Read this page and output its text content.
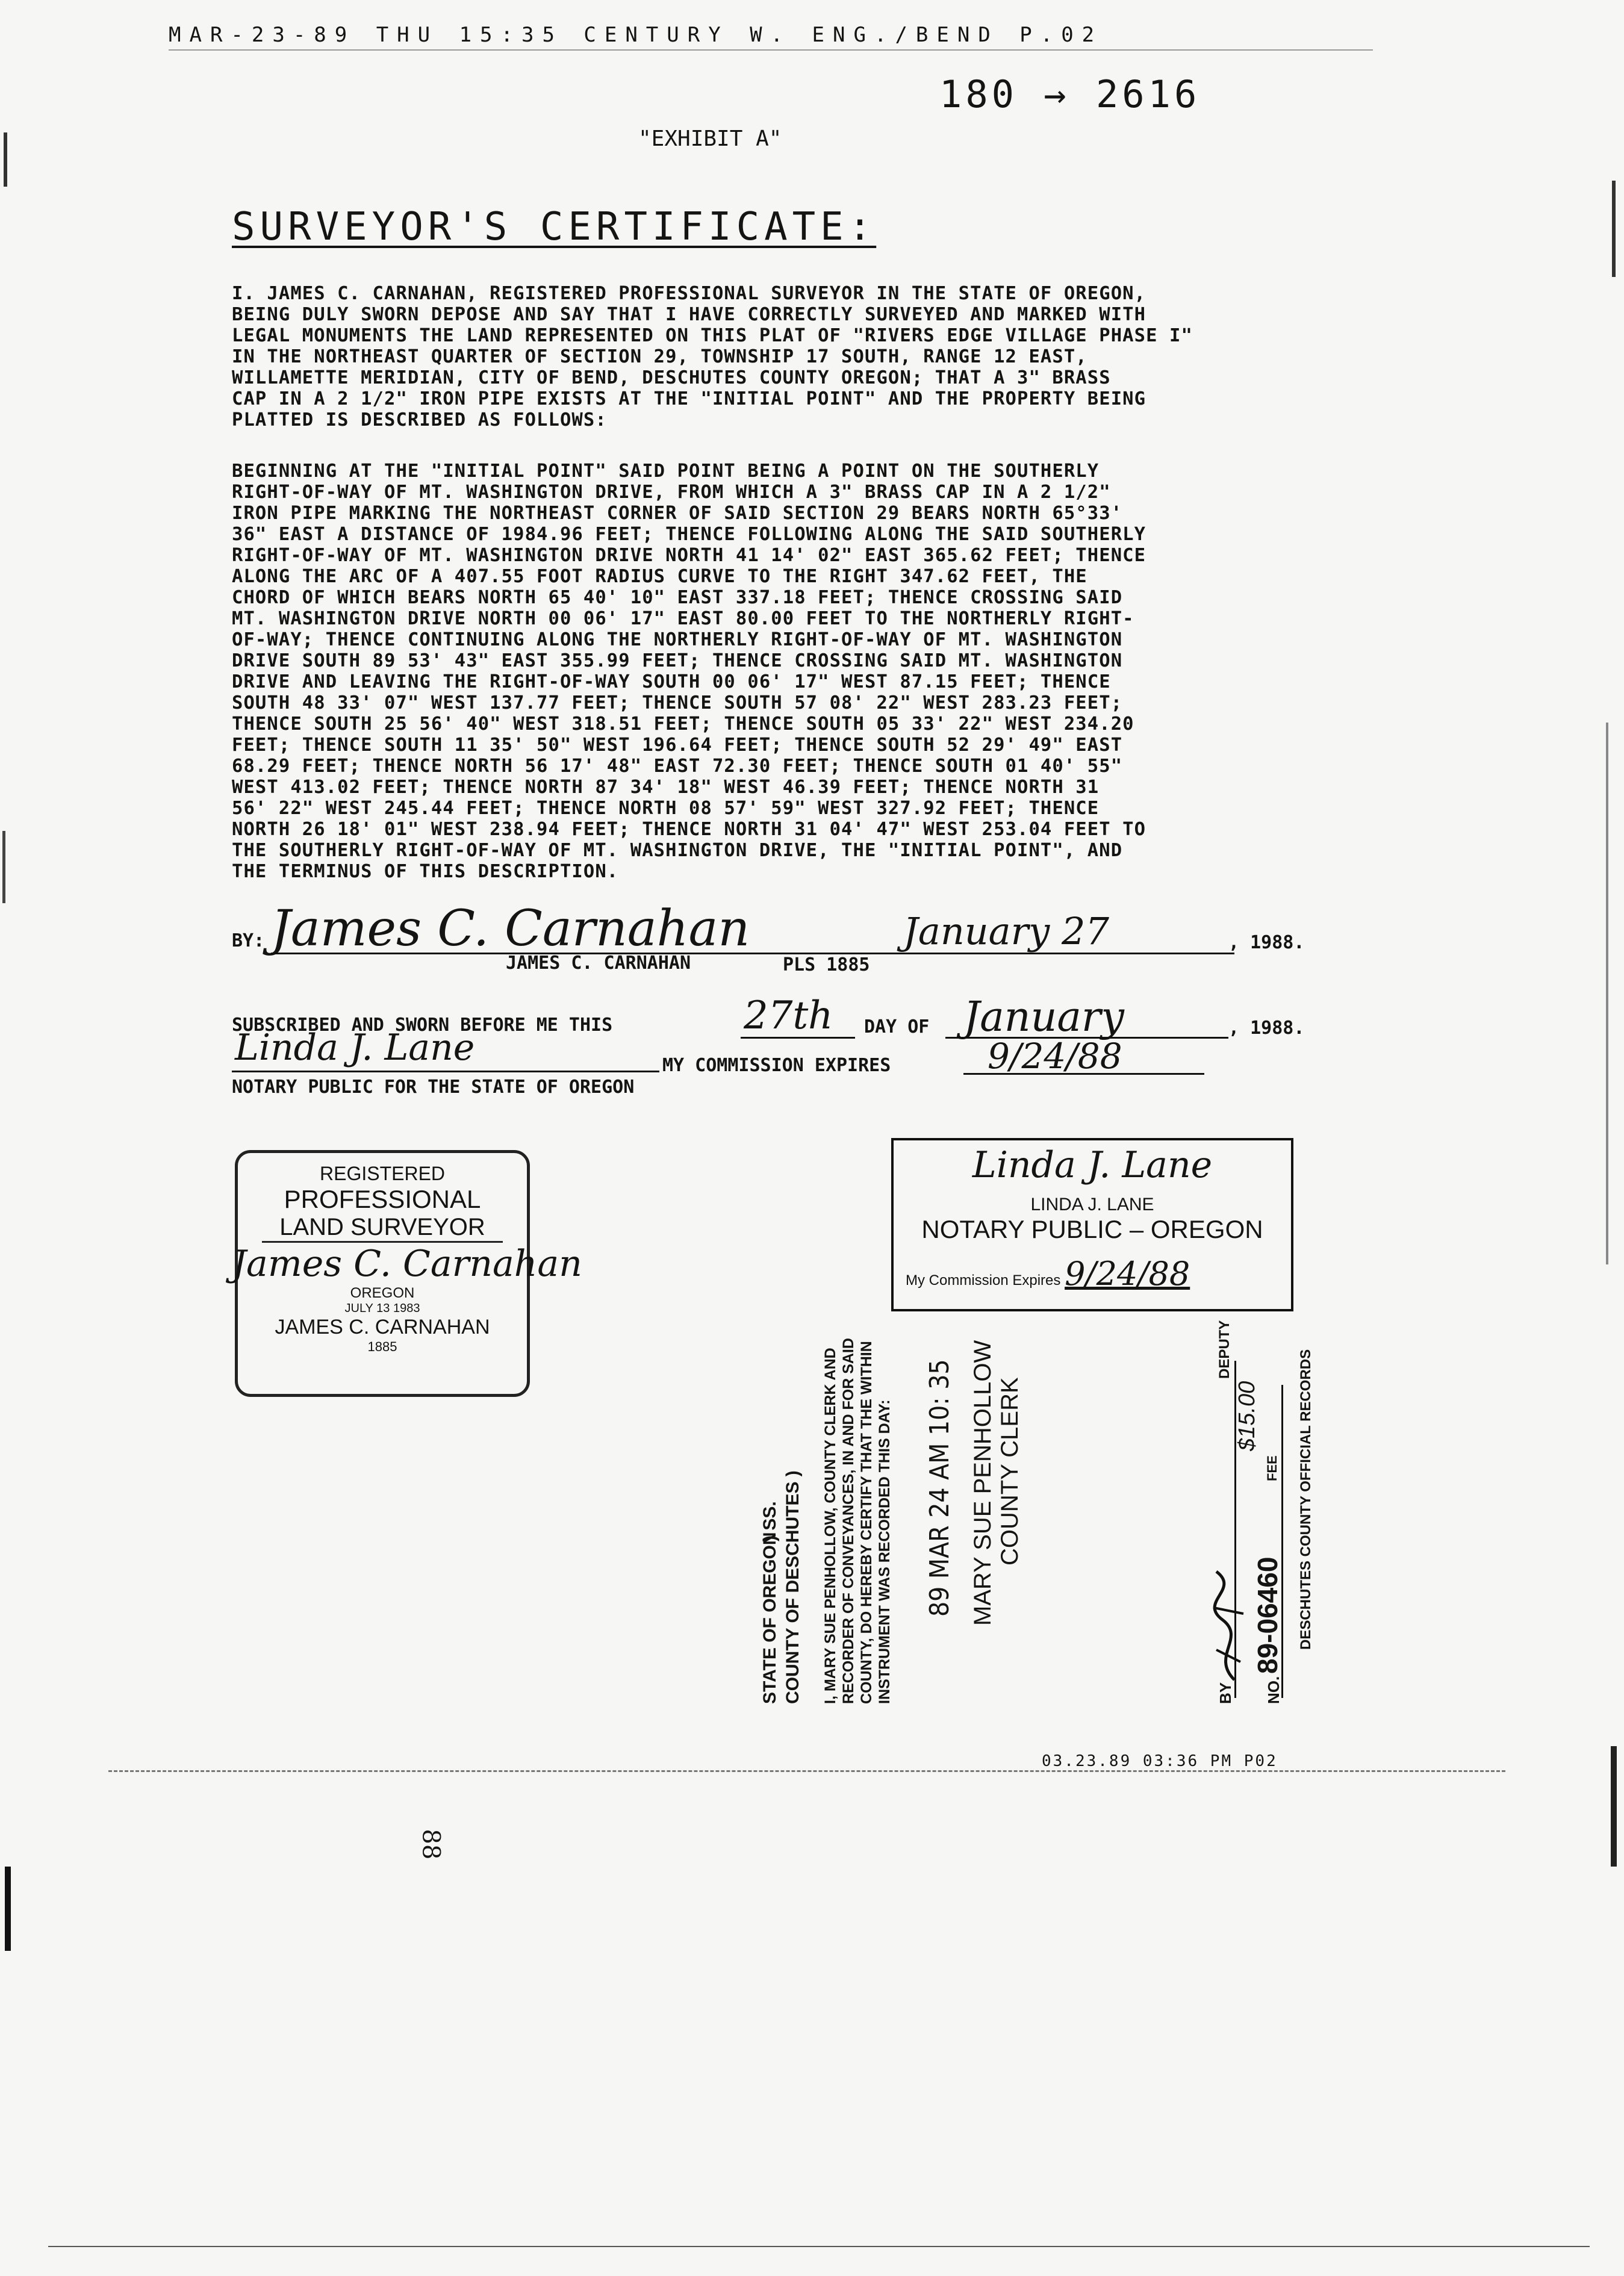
MAR-23-89 THU 15:35 CENTURY W. ENG./BEND P.02
180 → 2616
"EXHIBIT A"
SURVEYOR'S CERTIFICATE:
I. JAMES C. CARNAHAN, REGISTERED PROFESSIONAL SURVEYOR IN THE STATE OF OREGON,
BEING DULY SWORN DEPOSE AND SAY THAT I HAVE CORRECTLY SURVEYED AND MARKED WITH
LEGAL MONUMENTS THE LAND REPRESENTED ON THIS PLAT OF "RIVERS EDGE VILLAGE PHASE I"
IN THE NORTHEAST QUARTER OF SECTION 29, TOWNSHIP 17 SOUTH, RANGE 12 EAST,
WILLAMETTE MERIDIAN, CITY OF BEND, DESCHUTES COUNTY OREGON; THAT A 3" BRASS
CAP IN A 2 1/2" IRON PIPE EXISTS AT THE "INITIAL POINT" AND THE PROPERTY BEING
PLATTED IS DESCRIBED AS FOLLOWS:
BEGINNING AT THE "INITIAL POINT" SAID POINT BEING A POINT ON THE SOUTHERLY
RIGHT-OF-WAY OF MT. WASHINGTON DRIVE, FROM WHICH A 3" BRASS CAP IN A 2 1/2"
IRON PIPE MARKING THE NORTHEAST CORNER OF SAID SECTION 29 BEARS NORTH 65°33'
36" EAST A DISTANCE OF 1984.96 FEET; THENCE FOLLOWING ALONG THE SAID SOUTHERLY
RIGHT-OF-WAY OF MT. WASHINGTON DRIVE NORTH 41 14' 02" EAST 365.62 FEET; THENCE
ALONG THE ARC OF A 407.55 FOOT RADIUS CURVE TO THE RIGHT 347.62 FEET, THE
CHORD OF WHICH BEARS NORTH 65 40' 10" EAST 337.18 FEET; THENCE CROSSING SAID
MT. WASHINGTON DRIVE NORTH 00 06' 17" EAST 80.00 FEET TO THE NORTHERLY RIGHT-
OF-WAY; THENCE CONTINUING ALONG THE NORTHERLY RIGHT-OF-WAY OF MT. WASHINGTON
DRIVE SOUTH 89 53' 43" EAST 355.99 FEET; THENCE CROSSING SAID MT. WASHINGTON
DRIVE AND LEAVING THE RIGHT-OF-WAY SOUTH 00 06' 17" WEST 87.15 FEET; THENCE
SOUTH 48 33' 07" WEST 137.77 FEET; THENCE SOUTH 57 08' 22" WEST 283.23 FEET;
THENCE SOUTH 25 56' 40" WEST 318.51 FEET; THENCE SOUTH 05 33' 22" WEST 234.20
FEET; THENCE SOUTH 11 35' 50" WEST 196.64 FEET; THENCE SOUTH 52 29' 49" EAST
68.29 FEET; THENCE NORTH 56 17' 48" EAST 72.30 FEET; THENCE SOUTH 01 40' 55"
WEST 413.02 FEET; THENCE NORTH 87 34' 18" WEST 46.39 FEET; THENCE NORTH 31
56' 22" WEST 245.44 FEET; THENCE NORTH 08 57' 59" WEST 327.92 FEET; THENCE
NORTH 26 18' 01" WEST 238.94 FEET; THENCE NORTH 31 04' 47" WEST 253.04 FEET TO
THE SOUTHERLY RIGHT-OF-WAY OF MT. WASHINGTON DRIVE, THE "INITIAL POINT", AND
THE TERMINUS OF THIS DESCRIPTION.
BY: James C. Carnahan	January 27	, 1988.
JAMES C. CARNAHAN	PLS 1885
SUBSCRIBED AND SWORN BEFORE ME THIS	27th DAY OF January	, 1988.
Linda J. Lane	MY COMMISSION EXPIRES	9/24/88
NOTARY PUBLIC FOR THE STATE OF OREGON
REGISTERED
PROFESSIONAL
LAND SURVEYOR
James C. Carnahan
OREGON
JULY 13 1983
JAMES C. CARNAHAN
1885
Linda J. Lane
LINDA J. LANE
NOTARY PUBLIC – OREGON
My Commission Expires 9/24/88
STATE OF OREGON
) SS. COUNTY OF DESCHUTES ) I, MARY SUE PENHOLLOW, COUNTY CLERK AND RECORDER OF CONVEYANCES, IN AND FOR SAID COUNTY, DO HEREBY CERTIFY THAT THE WITHIN INSTRUMENT WAS RECORDED THIS DAY: 89 MAR 24 AM 10: 35 MARY SUE PENHOLLOW COUNTY CLERK
BY
DEPUTY
NO.
89-06460
FEE
$15.00	DESCHUTES COUNTY OFFICIAL RECORDS
03.23.89 03:36 PM P02
88
